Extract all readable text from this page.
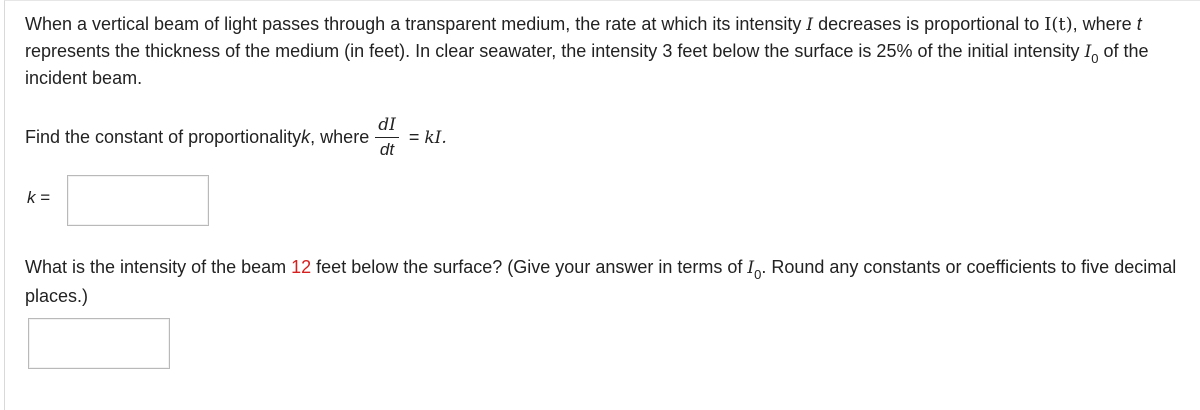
When a vertical beam of light passes through a transparent medium, the rate at which its intensity I decreases is proportional to I(t), where t represents the thickness of the medium (in feet). In clear seawater, the intensity 3 feet below the surface is 25% of the initial intensity $I_0$ of the incident beam.

Find the constant of proportionality k , where $\frac{dI}{dt}$ = kI.
k =

What is the intensity of the beam 12 feet below the surface? (Give your answer in terms of $I_0$. Round any constants or coefficients to five decimal places.)
